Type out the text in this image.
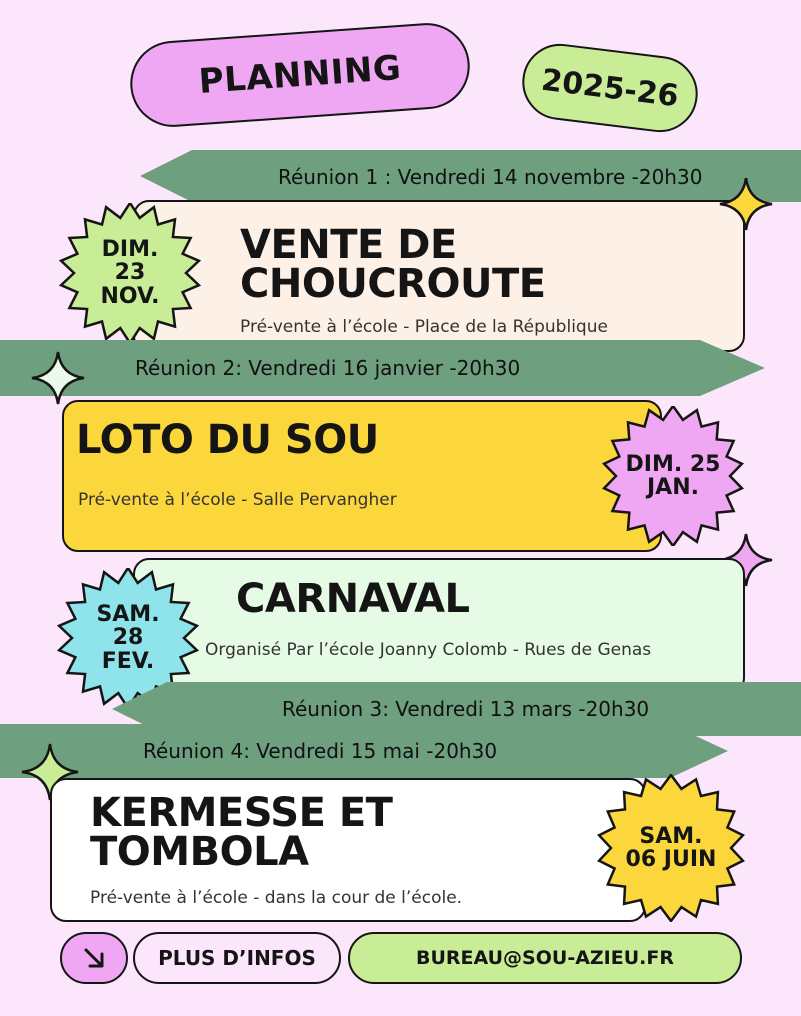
PLANNING	2025-26
Réunion 1 : Vendredi 14 novembre -20h30
VENTE DE
CHOUCROUTE
Pré-vente à l’école - Place de la République
DIM.
23
NOV.
Réunion 2: Vendredi 16 janvier -20h30
LOTO DU SOU
Pré-vente à l’école - Salle Pervangher
DIM. 25
JAN.
CARNAVAL
Organisé Par l’école Joanny Colomb - Rues de Genas
SAM.
28
FEV.
Réunion 3: Vendredi 13 mars -20h30
Réunion 4: Vendredi 15 mai -20h30
KERMESSE ET
TOMBOLA
Pré-vente à l’école - dans la cour de l’école.
SAM.
06 JUIN
PLUS D’INFOS	BUREAU@SOU-AZIEU.FR
